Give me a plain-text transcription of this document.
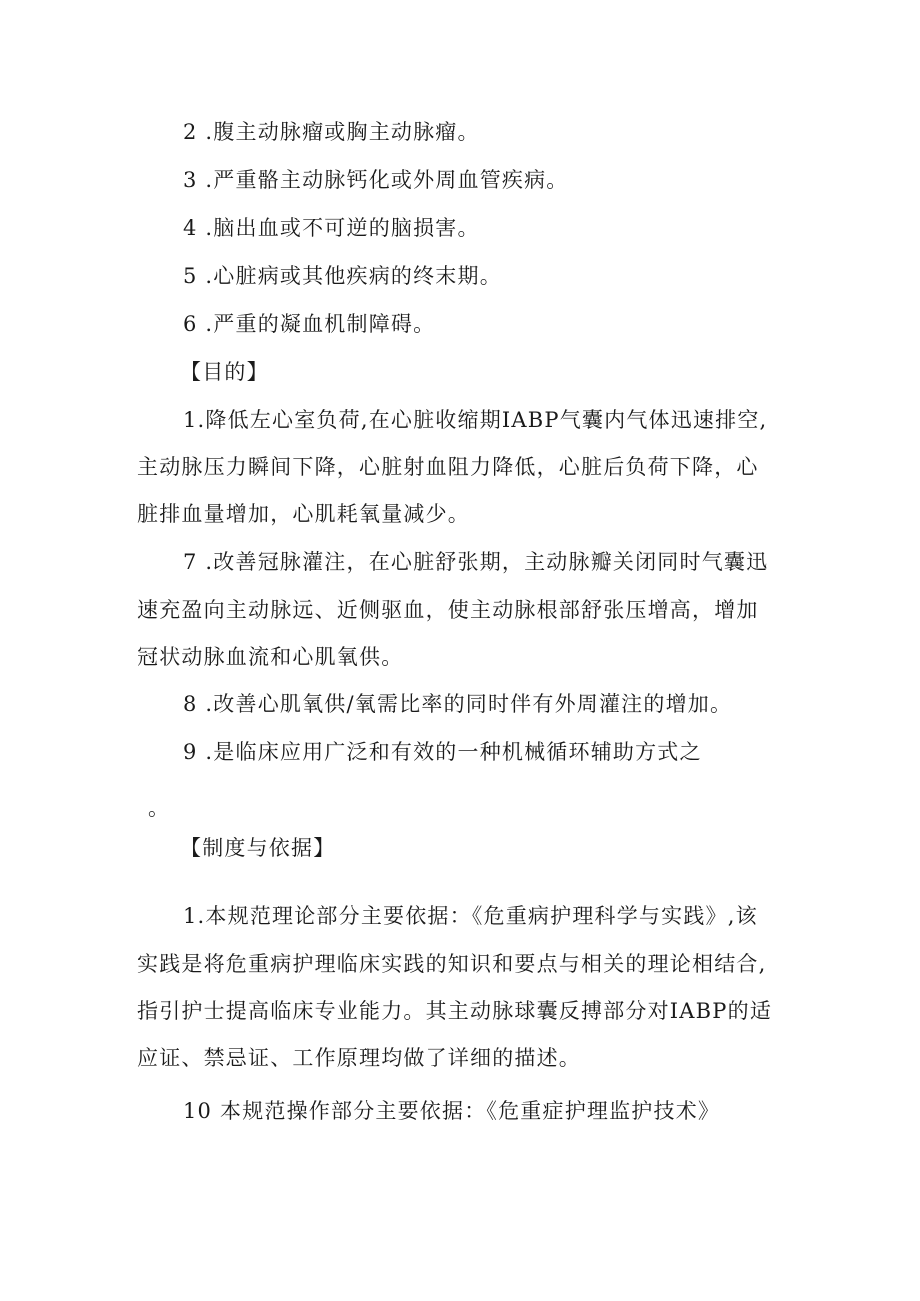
2 .腹主动脉瘤或胸主动脉瘤。
3 .严重骼主动脉钙化或外周血管疾病。
4 .脑出血或不可逆的脑损害。
5 .心脏病或其他疾病的终末期。
6 .严重的凝血机制障碍。
【目的】
1.降低左心室负荷,在心脏收缩期IABP气囊内气体迅速排空,
主动脉压力瞬间下降，心脏射血阻力降低，心脏后负荷下降，心
脏排血量增加，心肌耗氧量减少。
7 .改善冠脉灌注，在心脏舒张期，主动脉瓣关闭同时气囊迅
速充盈向主动脉远、近侧驱血，使主动脉根部舒张压增高，增加
冠状动脉血流和心肌氧供。
8 .改善心肌氧供/氧需比率的同时伴有外周灌注的增加。
9 .是临床应用广泛和有效的一种机械循环辅助方式之
。
【制度与依据】
1.本规范理论部分主要依据：《危重病护理科学与实践》,该
实践是将危重病护理临床实践的知识和要点与相关的理论相结合,
指引护士提高临床专业能力。其主动脉球囊反搏部分对IABP的适
应证、禁忌证、工作原理均做了详细的描述。
10 本规范操作部分主要依据：《危重症护理监护技术》
